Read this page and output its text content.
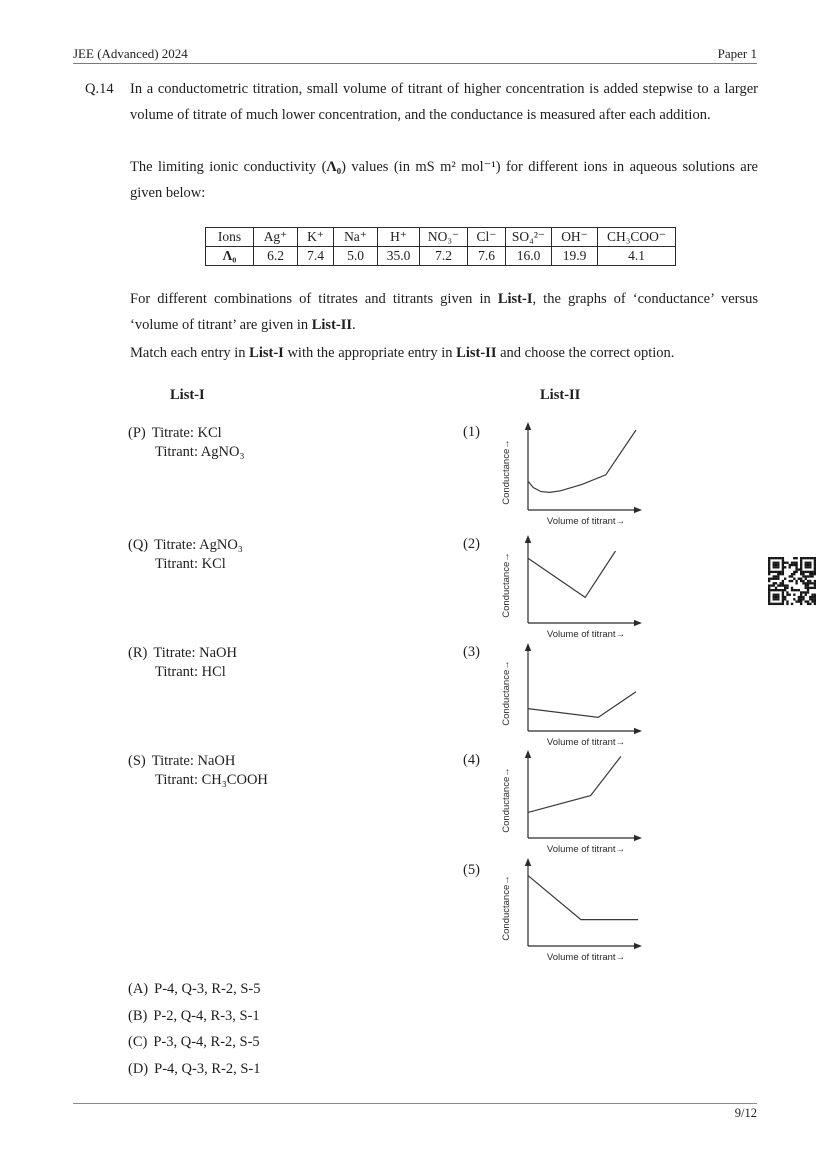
JEE (Advanced) 2024	Paper 1
Q.14 In a conductometric titration, small volume of titrant of higher concentration is added stepwise to a larger volume of titrate of much lower concentration, and the conductance is measured after each addition.

The limiting ionic conductivity (Λ₀) values (in mS m² mol⁻¹) for different ions in aqueous solutions are given below:

Ions	Ag⁺	K⁺	Na⁺	H⁺	NO₃⁻	Cl⁻	SO₄²⁻	OH⁻	CH₃COO⁻
Λ₀	6.2	7.4	5.0	35.0	7.2	7.6	16.0	19.9	4.1

For different combinations of titrates and titrants given in List-I, the graphs of ‘conductance’ versus ‘volume of titrant’ are given in List-II.

Match each entry in List-I with the appropriate entry in List-II and choose the correct option.

List-I	List-II
(P) Titrate: KCl
Titrant: AgNO₃
(1)
Conductance→
Volume of titrant→
(Q) Titrate: AgNO₃
Titrant: KCl
(2)
Conductance→
Volume of titrant→
(R) Titrate: NaOH
Titrant: HCl
(3)
Conductance→
Volume of titrant→
(S) Titrate: NaOH
Titrant: CH₃COOH
(4)
Conductance→
Volume of titrant→
(5)
Conductance→
Volume of titrant→
(A) P-4, Q-3, R-2, S-5
(B) P-2, Q-4, R-3, S-1
(C) P-3, Q-4, R-2, S-5
(D) P-4, Q-3, R-2, S-1
9/12
